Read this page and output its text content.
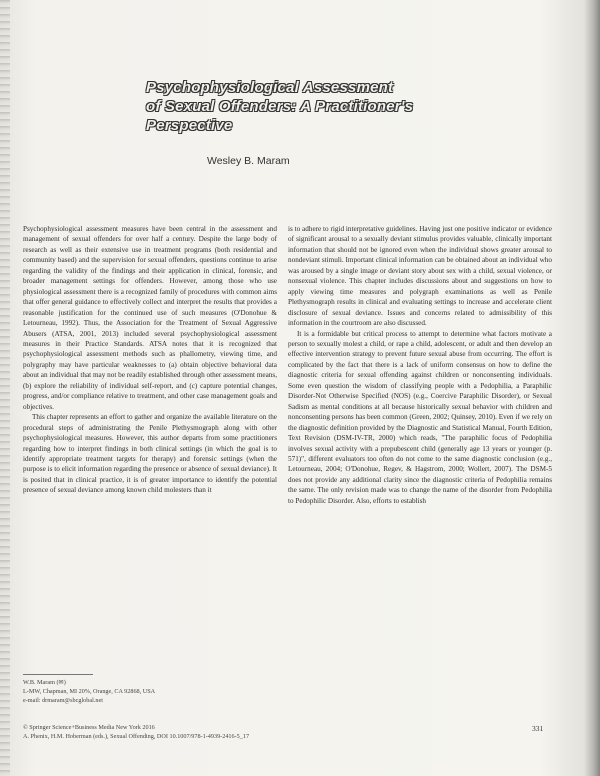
Psychophysiological Assessment
of Sexual Offenders: A Practitioner's
Perspective
Wesley B. Maram

Psychophysiological assessment measures have been central in the assessment and management of sexual offenders for over half a century. Despite the large body of research as well as their extensive use in treatment programs (both residential and community based) and the supervision for sexual offenders, questions continue to arise regarding the validity of the findings and their application in clinical, forensic, and broader management settings for offenders. However, among those who use physiological assessment there is a recognized family of procedures with common aims that offer general guidance to effectively collect and interpret the results that provides a reasonable justification for the continued use of such measures (O'Donohue & Letourneau, 1992). Thus, the Association for the Treatment of Sexual Aggressive Abusers (ATSA, 2001, 2013) included several psychophysiological assessment measures in their Practice Standards. ATSA notes that it is recognized that psychophysiological assessment methods such as phallometry, viewing time, and polygraphy may have particular weaknesses to (a) obtain objective behavioral data about an individual that may not be readily established through other assessment means, (b) explore the reliability of individual self-report, and (c) capture potential changes, progress, and/or compliance relative to treatment, and other case management goals and objectives.

This chapter represents an effort to gather and organize the available literature on the procedural steps of administrating the Penile Plethysmograph along with other psychophysiological measures. However, this author departs from some practitioners regarding how to interpret findings in both clinical settings (in which the goal is to identify appropriate treatment targets for therapy) and forensic settings (when the purpose is to elicit information regarding the presence or absence of sexual deviance). It is posited that in clinical practice, it is of greater importance to identify the potential presence of sexual deviance among known child molesters than it

is to adhere to rigid interpretative guidelines. Having just one positive indicator or evidence of significant arousal to a sexually deviant stimulus provides valuable, clinically important information that should not be ignored even when the individual shows greater arousal to nondeviant stimuli. Important clinical information can be obtained about an individual who was aroused by a single image or deviant story about sex with a child, sexual violence, or nonsexual violence. This chapter includes discussions about and suggestions on how to apply viewing time measures and polygraph examinations as well as Penile Plethysmograph results in clinical and evaluating settings to increase and accelerate client disclosure of sexual deviance. Issues and concerns related to admissibility of this information in the courtroom are also discussed.

It is a formidable but critical process to attempt to determine what factors motivate a person to sexually molest a child, or rape a child, adolescent, or adult and then develop an effective intervention strategy to prevent future sexual abuse from occurring. The effort is complicated by the fact that there is a lack of uniform consensus on how to define the diagnostic criteria for sexual offending against children or nonconsenting individuals. Some even question the wisdom of classifying people with a Pedophilia, a Paraphilic Disorder-Not Otherwise Specified (NOS) (e.g., Coercive Paraphilic Disorder), or Sexual Sadism as mental conditions at all because historically sexual behavior with children and nonconsenting persons has been common (Green, 2002; Quinsey, 2010). Even if we rely on the diagnostic definition provided by the Diagnostic and Statistical Manual, Fourth Edition, Text Revision (DSM-IV-TR, 2000) which reads, "The paraphilic focus of Pedophilia involves sexual activity with a prepubescent child (generally age 13 years or younger (p. 571)", different evaluators too often do not come to the same diagnostic conclusion (e.g., Letourneau, 2004; O'Donohue, Regev, & Hagstrom, 2000; Wollert, 2007). The DSM-5 does not provide any additional clarity since the diagnostic criteria of Pedophilia remains the same. The only revision made was to change the name of the disorder from Pedophilia to Pedophilic Disorder. Also, efforts to establish

W.B. Maram (✉)
L-MW, Chapman, MI 20%, Orange, CA 92868, USA
e-mail: drmaram@sbcglobal.net
© Springer Science+Business Media New York 2016
A. Phenix, H.M. Hoberman (eds.), Sexual Offending, DOI 10.1007/978-1-4939-2416-5_17
331
